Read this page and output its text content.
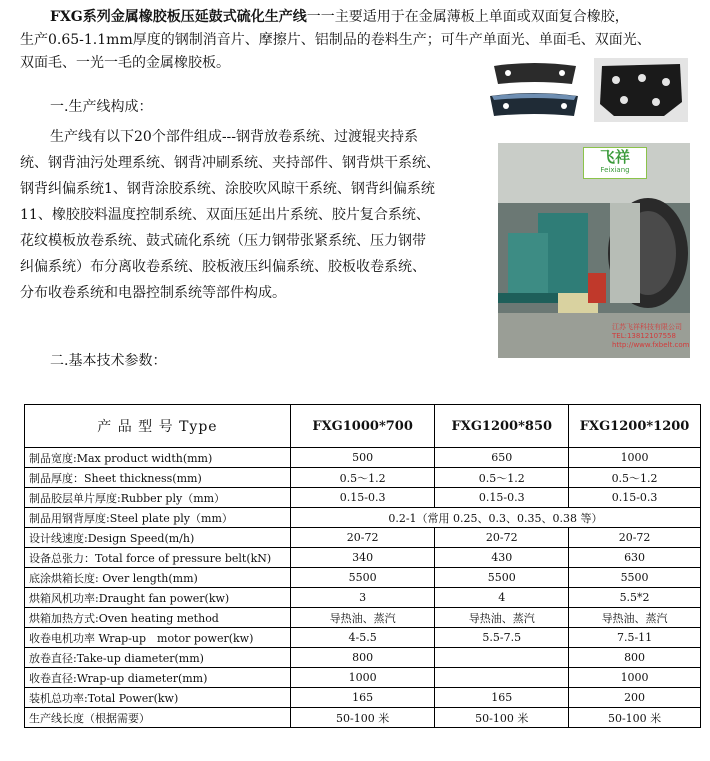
FXG系列金属橡胶板压延鼓式硫化生产线一一主要适用于在金属薄板上单面或双面复合橡胶，
生产0.65-1.1mm厚度的钢制消音片、摩擦片、铝制品的卷料生产；可牛产单面光、单面毛、双面光、
双面毛、一光一毛的金属橡胶板。
一.生产线构成：
生产线有以下20个部件组成---钢背放卷系统、过渡辊夹持系
统、钢背油污处理系统、钢背冲刷系统、夹持部件、钢背烘干系统、
钢背纠偏系统1、钢背涂胶系统、涂胶吹风晾干系统、钢背纠偏系统
11、橡胶胶料温度控制系统、双面压延出片系统、胶片复合系统、
花纹模板放卷系统、鼓式硫化系统（压力钢带张紧系统、压力钢带
纠偏系统）布分离收卷系统、胶板液压纠偏系统、胶板收卷系统、
分布收卷系统和电器控制系统等部件构成。
二.基本技术参数：
飞祥
Feixiang
江苏飞祥科技有限公司
TEL:13812107558
http://www.fxbelt.com
产 品 型 号 Type	FXG1000*700	FXG1200*850	FXG1200*1200
制品宽度:Max product width(mm)	500	650	1000
制品厚度：Sheet thickness(mm)	0.5～1.2	0.5～1.2	0.5～1.2
制品胶层单片厚度:Rubber ply（mm）	0.15-0.3	0.15-0.3	0.15-0.3
制品用钢背厚度:Steel plate ply（mm）	0.2-1（常用 0.25、0.3、0.35、0.38 等）		
设计线速度:Design Speed(m/h)	20-72	20-72	20-72
设备总张力：Total force of pressure belt(kN)	340	430	630
底涂烘箱长度: Over length(mm)	5500	5500	5500
烘箱风机功率:Draught fan power(kw)	3	4	5.5*2
烘箱加热方式:Oven heating method	导热油、蒸汽	导热油、蒸汽	导热油、蒸汽
收卷电机功率 Wrap-up　motor power(kw)	4-5.5	5.5-7.5	7.5-11
放卷直径:Take-up diameter(mm)	800		800
收卷直径:Wrap-up diameter(mm)	1000		1000
装机总功率:Total Power(kw)	165	165	200
生产线长度（根据需要）	50-100 米	50-100 米	50-100 米
